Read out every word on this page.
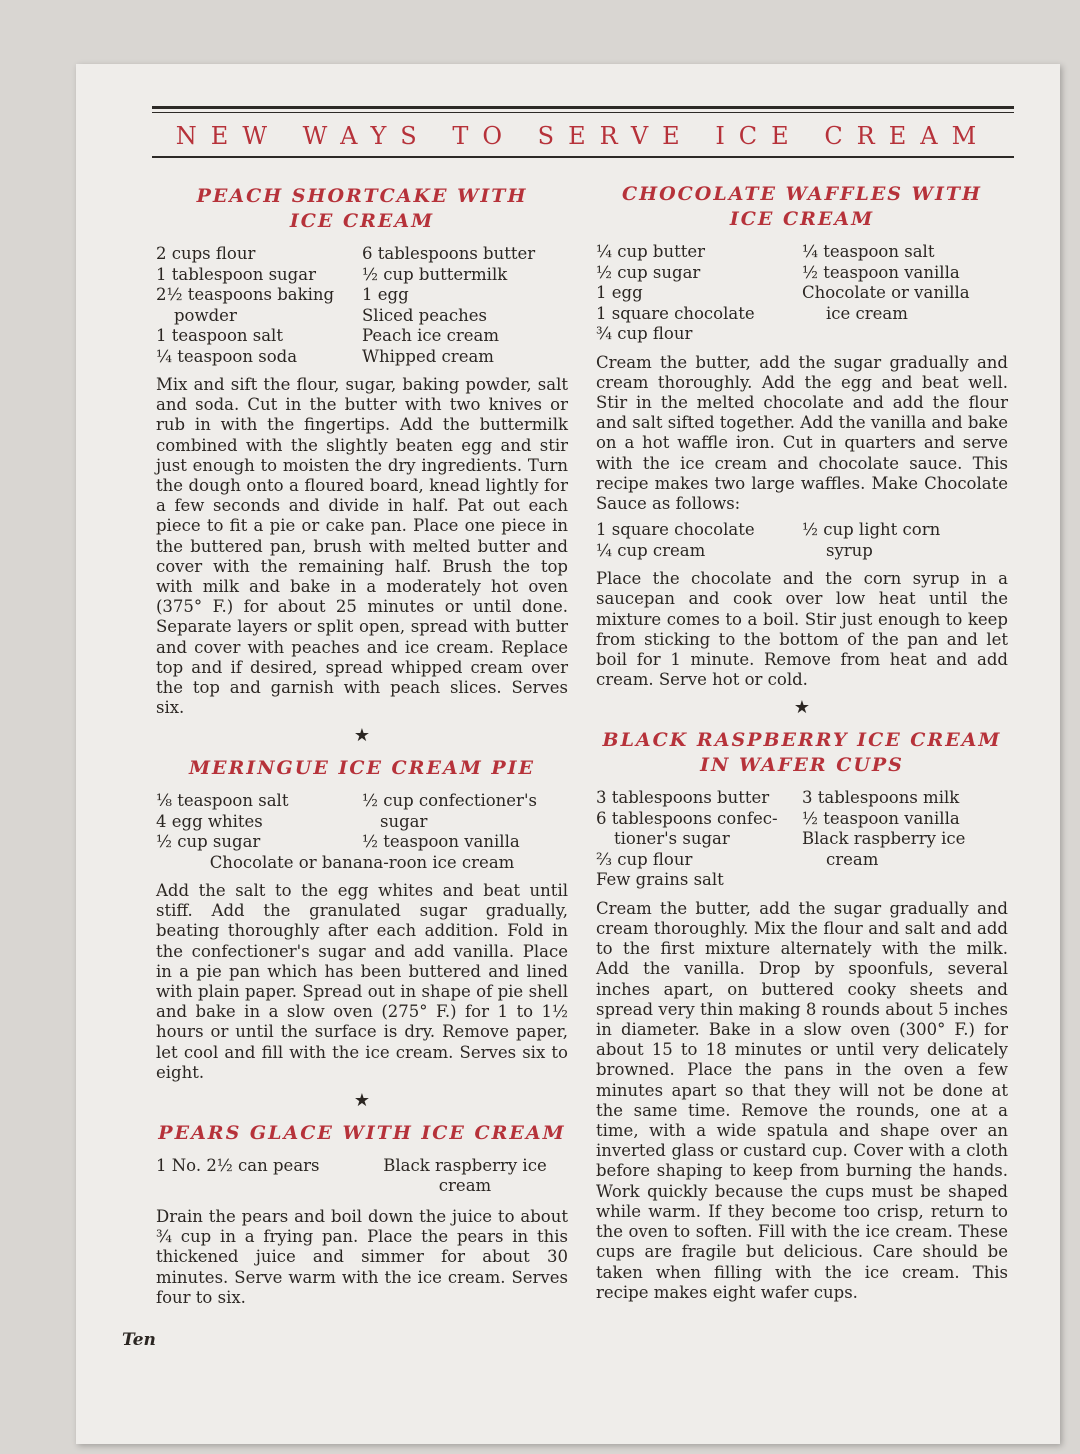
NEW WAYS TO SERVE ICE CREAM
PEACH SHORTCAKE WITH
ICE CREAM
2 cups flour
1 tablespoon sugar
2½ teaspoons baking
powder
1 teaspoon salt
¼ teaspoon soda
6 tablespoons butter
½ cup buttermilk
1 egg
Sliced peaches
Peach ice cream
Whipped cream

Mix and sift the flour, sugar, baking powder, salt and soda. Cut in the butter with two knives or rub in with the fingertips. Add the buttermilk combined with the slightly beaten egg and stir just enough to moisten the dry ingredients. Turn the dough onto a floured board, knead lightly for a few seconds and divide in half. Pat out each piece to fit a pie or cake pan. Place one piece in the buttered pan, brush with melted butter and cover with the remaining half. Brush the top with milk and bake in a moderately hot oven (375° F.) for about 25 minutes or until done. Separate layers or split open, spread with butter and cover with peaches and ice cream. Replace top and if desired, spread whipped cream over the top and garnish with peach slices. Serves six.

★
MERINGUE ICE CREAM PIE
⅛ teaspoon salt
4 egg whites
½ cup sugar
½ cup confectioner's
sugar
½ teaspoon vanilla
Chocolate or banana-roon ice cream

Add the salt to the egg whites and beat until stiff. Add the granulated sugar gradually, beating thoroughly after each addition. Fold in the confectioner's sugar and add vanilla. Place in a pie pan which has been buttered and lined with plain paper. Spread out in shape of pie shell and bake in a slow oven (275° F.) for 1 to 1½ hours or until the surface is dry. Remove paper, let cool and fill with the ice cream. Serves six to eight.

★
PEARS GLACE WITH ICE CREAM
1 No. 2½ can pears	Black raspberry ice
cream

Drain the pears and boil down the juice to about ¾ cup in a frying pan. Place the pears in this thickened juice and simmer for about 30 minutes. Serve warm with the ice cream. Serves four to six.

CHOCOLATE WAFFLES WITH
ICE CREAM
¼ cup butter
½ cup sugar
1 egg
1 square chocolate
¾ cup flour
¼ teaspoon salt
½ teaspoon vanilla
Chocolate or vanilla
ice cream

Cream the butter, add the sugar gradually and cream thoroughly. Add the egg and beat well. Stir in the melted chocolate and add the flour and salt sifted together. Add the vanilla and bake on a hot waffle iron. Cut in quarters and serve with the ice cream and chocolate sauce. This recipe makes two large waffles. Make Chocolate Sauce as follows:

1 square chocolate
¼ cup cream
½ cup light corn
syrup

Place the chocolate and the corn syrup in a saucepan and cook over low heat until the mixture comes to a boil. Stir just enough to keep from sticking to the bottom of the pan and let boil for 1 minute. Remove from heat and add cream. Serve hot or cold.

★
BLACK RASPBERRY ICE CREAM
IN WAFER CUPS
3 tablespoons butter
6 tablespoons confec-
tioner's sugar
⅔ cup flour
Few grains salt
3 tablespoons milk
½ teaspoon vanilla
Black raspberry ice
cream

Cream the butter, add the sugar gradually and cream thoroughly. Mix the flour and salt and add to the first mixture alternately with the milk. Add the vanilla. Drop by spoonfuls, several inches apart, on buttered cooky sheets and spread very thin making 8 rounds about 5 inches in diameter. Bake in a slow oven (300° F.) for about 15 to 18 minutes or until very delicately browned. Place the pans in the oven a few minutes apart so that they will not be done at the same time. Remove the rounds, one at a time, with a wide spatula and shape over an inverted glass or custard cup. Cover with a cloth before shaping to keep from burning the hands. Work quickly because the cups must be shaped while warm. If they become too crisp, return to the oven to soften. Fill with the ice cream. These cups are fragile but delicious. Care should be taken when filling with the ice cream. This recipe makes eight wafer cups.

Ten
